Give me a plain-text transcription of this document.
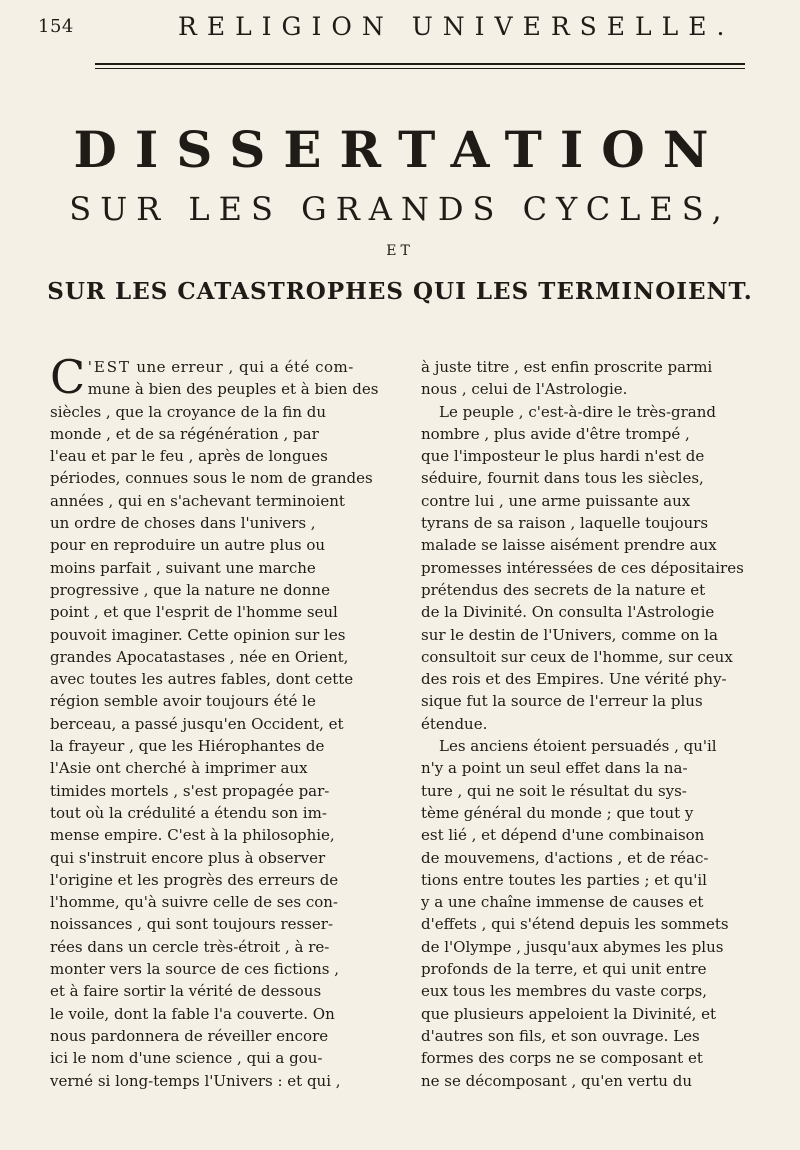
154	RELIGION UNIVERSELLE.
DISSERTATION
SUR LES GRANDS CYCLES,
ET
SUR LES CATASTROPHES QUI LES TERMINOIENT.
C 'EST une erreur , qui a été com-
mune à bien des peuples et à bien des
siècles , que la croyance de la fin du
monde , et de sa régénération , par
l'eau et par le feu , après de longues
périodes, connues sous le nom de grandes
années , qui en s'achevant terminoient
un ordre de choses dans l'univers ,
pour en reproduire un autre plus ou
moins parfait , suivant une marche
progressive , que la nature ne donne
point , et que l'esprit de l'homme seul
pouvoit imaginer. Cette opinion sur les
grandes Apocatastases , née en Orient,
avec toutes les autres fables, dont cette
région semble avoir toujours été le
berceau, a passé jusqu'en Occident, et
la frayeur , que les Hiérophantes de
l'Asie ont cherché à imprimer aux
timides mortels , s'est propagée par-
tout où la crédulité a étendu son im-
mense empire. C'est à la philosophie,
qui s'instruit encore plus à observer
l'origine et les progrès des erreurs de
l'homme, qu'à suivre celle de ses con-
noissances , qui sont toujours resser-
rées dans un cercle très-étroit , à re-
monter vers la source de ces fictions ,
et à faire sortir la vérité de dessous
le voile, dont la fable l'a couverte. On
nous pardonnera de réveiller encore
ici le nom d'une science , qui a gou-
verné si long-temps l'Univers : et qui ,
à juste titre , est enfin proscrite parmi
nous , celui de l'Astrologie.
Le peuple , c'est-à-dire le très-grand
nombre , plus avide d'être trompé ,
que l'imposteur le plus hardi n'est de
séduire, fournit dans tous les siècles,
contre lui , une arme puissante aux
tyrans de sa raison , laquelle toujours
malade se laisse aisément prendre aux
promesses intéressées de ces dépositaires
prétendus des secrets de la nature et
de la Divinité. On consulta l'Astrologie
sur le destin de l'Univers, comme on la
consultoit sur ceux de l'homme, sur ceux
des rois et des Empires. Une vérité phy-
sique fut la source de l'erreur la plus
étendue.
Les anciens étoient persuadés , qu'il
n'y a point un seul effet dans la na-
ture , qui ne soit le résultat du sys-
tème général du monde ; que tout y
est lié , et dépend d'une combinaison
de mouvemens, d'actions , et de réac-
tions entre toutes les parties ; et qu'il
y a une chaîne immense de causes et
d'effets , qui s'étend depuis les sommets
de l'Olympe , jusqu'aux abymes les plus
profonds de la terre, et qui unit entre
eux tous les membres du vaste corps,
que plusieurs appeloient la Divinité, et
d'autres son fils, et son ouvrage. Les
formes des corps ne se composant et
ne se décomposant , qu'en vertu du
